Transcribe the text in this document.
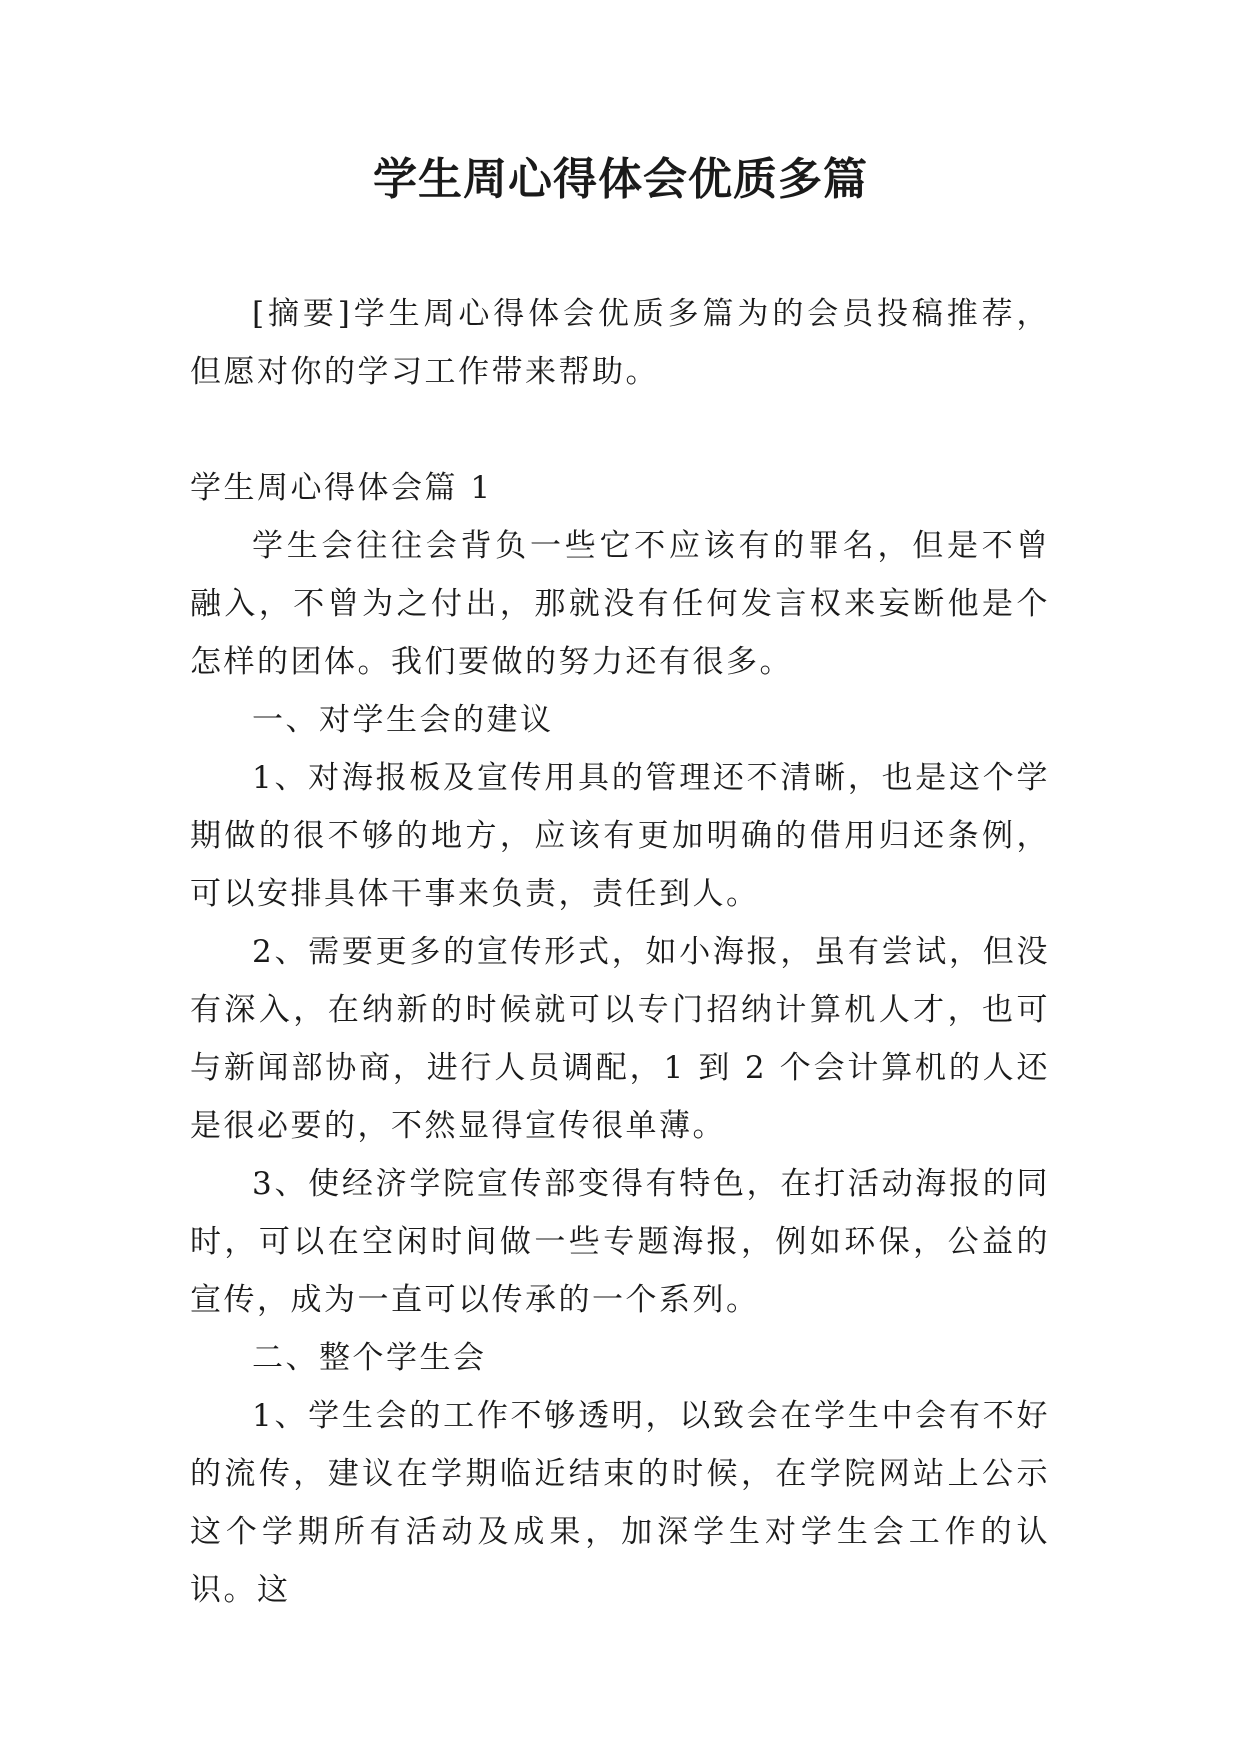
学生周心得体会优质多篇

[摘要]学生周心得体会优质多篇为的会员投稿推荐，但愿对你的学习工作带来帮助。

学生周心得体会篇 1

学生会往往会背负一些它不应该有的罪名，但是不曾融入，不曾为之付出，那就没有任何发言权来妄断他是个怎样的团体。我们要做的努力还有很多。

一、对学生会的建议

1、对海报板及宣传用具的管理还不清晰，也是这个学期做的很不够的地方，应该有更加明确的借用归还条例，可以安排具体干事来负责，责任到人。

2、需要更多的宣传形式，如小海报，虽有尝试，但没有深入，在纳新的时候就可以专门招纳计算机人才，也可与新闻部协商，进行人员调配，1 到 2 个会计算机的人还是很必要的，不然显得宣传很单薄。

3、使经济学院宣传部变得有特色，在打活动海报的同时，可以在空闲时间做一些专题海报，例如环保，公益的宣传，成为一直可以传承的一个系列。

二、整个学生会

1、学生会的工作不够透明，以致会在学生中会有不好的流传，建议在学期临近结束的时候，在学院网站上公示这个学期所有活动及成果，加深学生对学生会工作的认识。这
